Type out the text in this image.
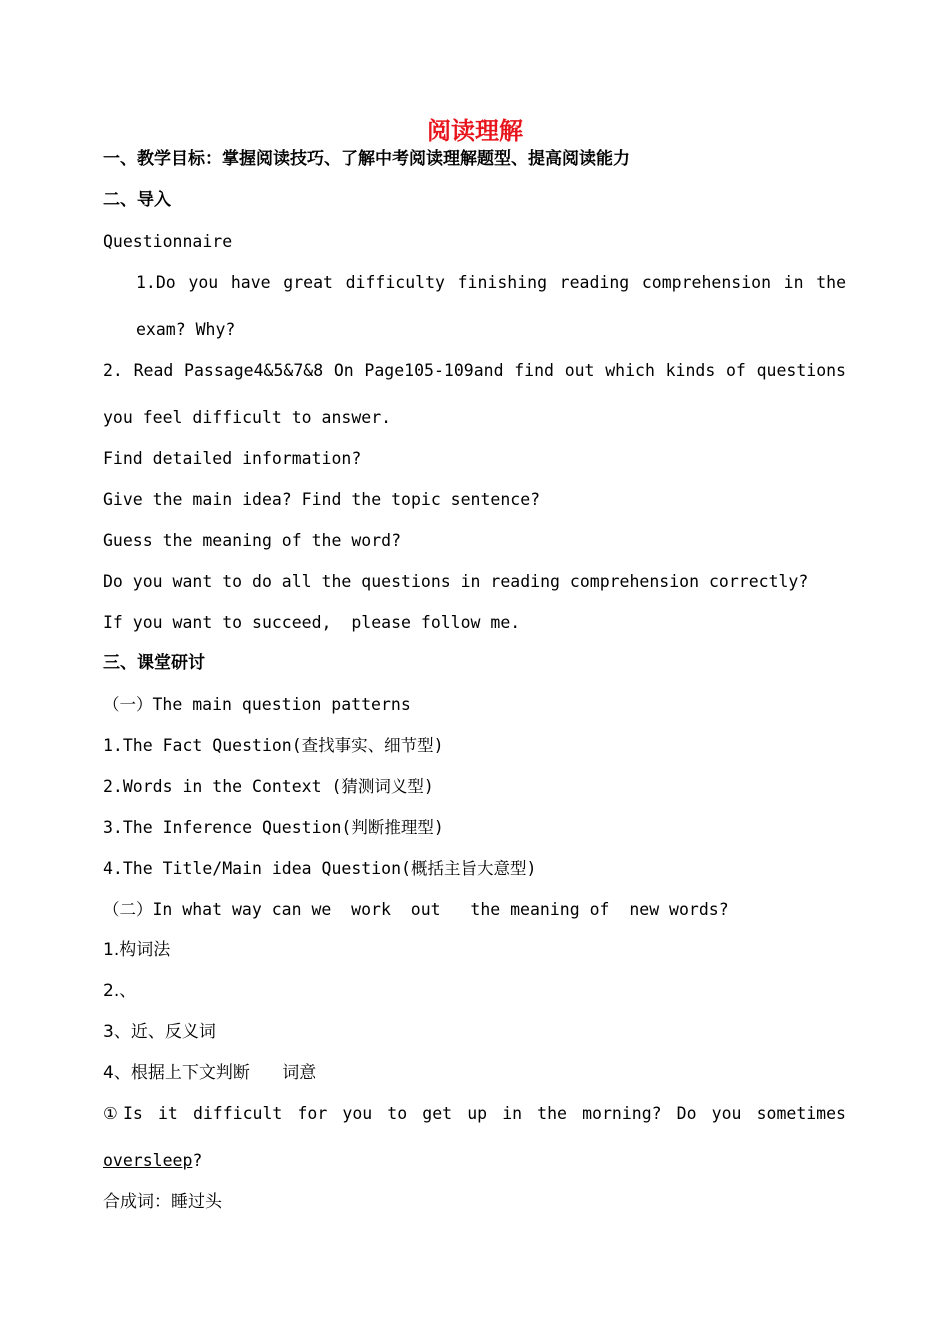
阅读理解
一、教学目标：掌握阅读技巧、了解中考阅读理解题型、提高阅读能力
二、导入
Questionnaire
1.Do you have great difficulty finishing reading comprehension in the
exam? Why?
2. Read Passage4&5&7&8 On Page105-109and find out which kinds of questions
you feel difficult to answer.
Find detailed information?
Give the main idea? Find the topic sentence?
Guess the meaning of the word?
Do you want to do all the questions in reading comprehension correctly?
If you want to succeed,  please follow me.
三、课堂研讨
（一）The main question patterns
1.The Fact Question(查找事实、细节型)
2.Words in the Context (猜测词义型)
3.The Inference Question(判断推理型)
4.The Title/Main idea Question(概括主旨大意型)
（二）In what way can we  work  out   the meaning of  new words?
1.构词法
2.、
3、近、反义词
4、根据上下文判断      词意
①Is it difficult for you to get up in the morning? Do you sometimes
oversleep?
合成词：睡过头
